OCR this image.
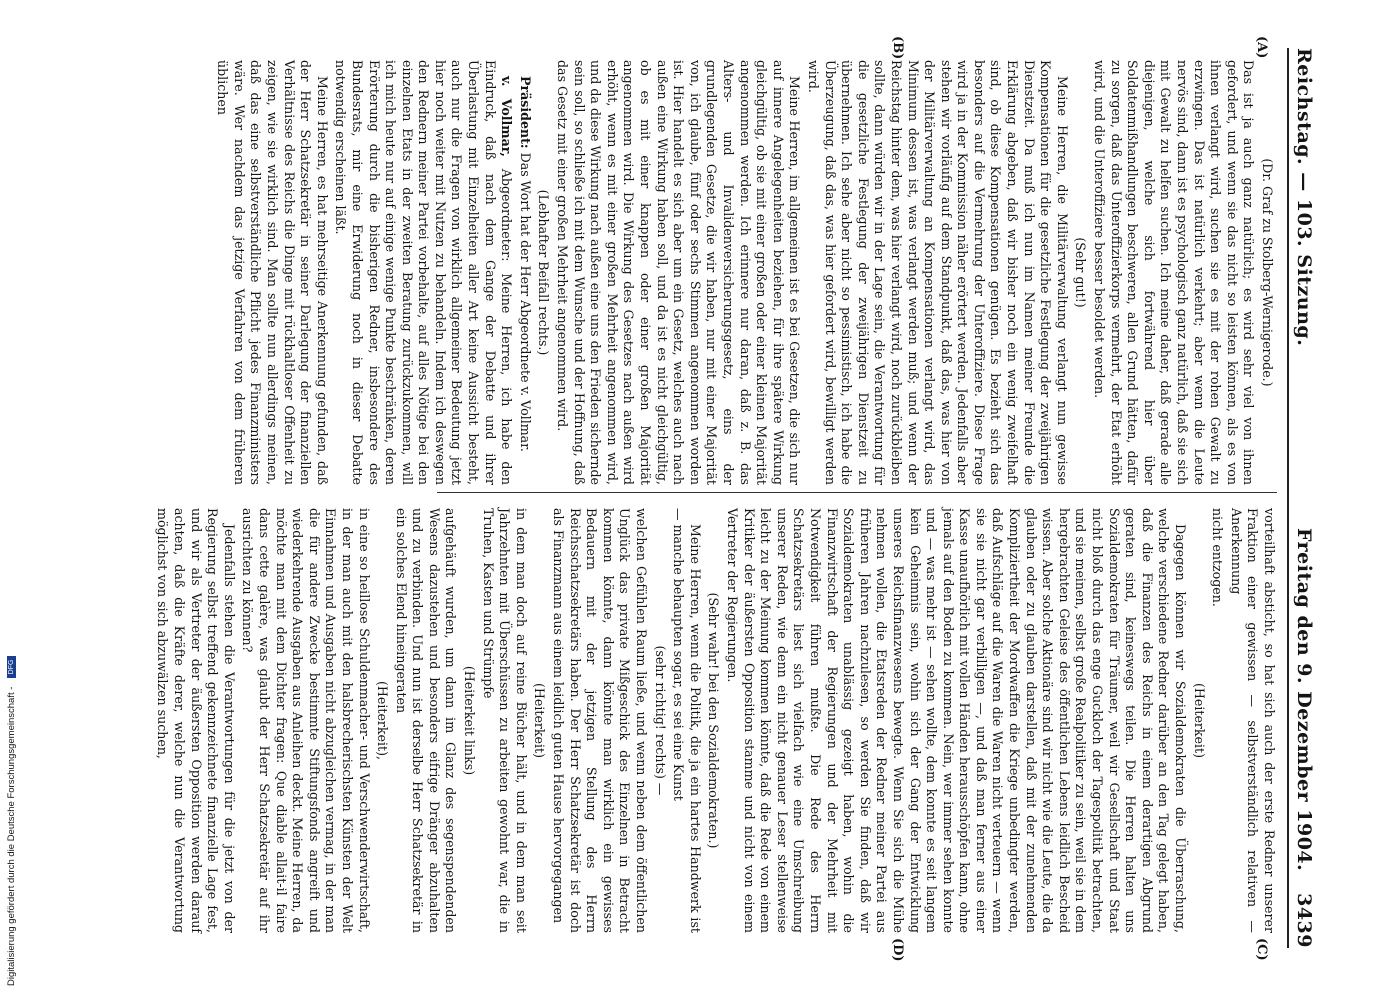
Reichstag. — 103. Sitzung.
Freitag den 9. Dezember 1904.
3439
(A)
(B)
(C)
(D)

(Dr. Graf zu Stolberg-Wernigerode.)

Das ist ja auch ganz natürlich; es wird sehr viel von ihnen gefordert, und wenn sie das nicht so leisten können, als es von ihnen verlangt wird, suchen sie es mit der rohen Gewalt zu erzwingen. Das ist natürlich verkehrt; aber wenn die Leute nervös sind, dann ist es psychologisch ganz natürlich, daß sie sich mit Gewalt zu helfen suchen. Ich meine daher, daß gerade alle diejenigen, welche sich fortwährend hier über Soldatenmißhandlungen beschweren, allen Grund hätten, dafür zu sorgen, daß das Unteroffizierkorps vermehrt, der Etat erhöht wird, und die Unteroffiziere besser besoldet werden.

(Sehr gut!)

Meine Herren, die Militärverwaltung verlangt nun gewisse Kompensationen für die gesetzliche Festlegung der zweijährigen Dienstzeit. Da muß ich nun im Namen meiner Freunde die Erklärung abgeben, daß wir bisher noch ein wenig zweifelhaft sind, ob diese Kompensationen genügen. Es bezieht sich das besonders auf die Vermehrung der Unteroffiziere. Diese Frage wird ja in der Kommission näher erörtert werden. Jedenfalls aber stehen wir vorläufig auf dem Standpunkt, daß das, was hier von der Militärverwaltung an Kompensationen verlangt wird, das Minimum dessen ist, was verlangt werden muß; und wenn der Reichstag hinter dem, was hier verlangt wird, noch zurückbleiben sollte, dann würden wir in der Lage sein, die Verantwortung für die gesetzliche Festlegung der zweijährigen Dienstzeit zu übernehmen. Ich sehe aber nicht so pessimistisch, ich habe die Überzeugung, daß das, was hier gefordert wird, bewilligt werden wird.

Meine Herren, im allgemeinen ist es bei Gesetzen, die sich nur auf innere Angelegenheiten beziehen, für ihre spätere Wirkung gleichgültig, ob sie mit einer großen oder einer kleinen Majorität angenommen werden. Ich erinnere nur daran, daß z. B. das Alters- und Invalidenversicherungsgesetz, eins der grundlegenden Gesetze, die wir haben, nur mit einer Majorität von, ich glaube, fünf oder sechs Stimmen angenommen worden ist. Hier handelt es sich aber um ein Gesetz, welches auch nach außen eine Wirkung haben soll, und da ist es nicht gleichgültig, ob es mit einer knappen oder einer großen Majorität angenommen wird. Die Wirkung des Gesetzes nach außen wird erhöht, wenn es mit einer großen Mehrheit angenommen wird, und da diese Wirkung nach außen eine uns den Frieden sichernde sein soll, so schließe ich mit dem Wunsche und der Hoffnung, daß das Gesetz mit einer großen Mehrheit angenommen wird.

(Lebhafter Beifall rechts.)

Präsident: Das Wort hat der Herr Abgeordnete v. Vollmar.

v. Vollmar, Abgeordneter: Meine Herren, ich habe den Eindruck, daß nach dem Gange der Debatte und ihrer Überlastung mit Einzelheiten aller Art keine Aussicht besteht, auch nur die Fragen von wirklich allgemeiner Bedeutung jetzt hier noch weiter mit Nutzen zu behandeln. Indem ich deswegen den Rednern meiner Partei vorbehalte, auf alles Nötige bei den einzelnen Etats in der zweiten Beratung zurückzukommen, will ich mich heute nur auf einige wenige Punkte beschränken, deren Erörterung durch die bisherigen Redner, insbesondere des Bundesrats, mir eine Erwiderung noch in dieser Debatte notwendig erscheinen läßt.

Meine Herren, es hat mehrseitige Anerkennung gefunden, daß der Herr Schatzsekretär in seiner Darlegung der finanziellen Verhältnisse des Reichs die Dinge mit rückhaltloser Offenheit zu zeigen, wie sie wirklich sind. Man sollte nun allerdings meinen, daß das eine selbstverständliche Pflicht jedes Finanzministers wäre. Wer nachdem das jetzige Verfahren von dem früheren üblichen

vorteilhaft absticht, so hat sich auch der erste Redner unserer Fraktion einer gewissen — selbstverständlich relativen — Anerkennung

nicht entzogen.

(Heiterkeit)

Dagegen können wir Sozialdemokraten die Überraschung, welche verschiedene Redner darüber an den Tag gelegt haben, daß die Finanzen des Reichs in einem derartigen Abgrund geraten sind, keineswegs teilen. Die Herren halten uns Sozialdemokraten für Träumer, weil wir Gesellschaft und Staat nicht bloß durch das enge Guckloch der Tagespolitik betrachten, und sie meinen, selbst große Realpolitiker zu sein, weil sie in dem hergebrachten Geleise des öffentlichen Lebens leidlich Bescheid wissen. Aber solche Aktionäre sind wir nicht wie die Leute, die da glauben oder zu glauben darstellen, daß mit der zunehmenden Kompliziertheit der Mordwaffen die Kriege unbedingter werden, daß Aufschläge auf die Waren die Waren nicht verteuern — wenn sie sie nicht gar verbilligen —, und daß man ferner aus einer Kasse unaufhörlich mit vollen Händen herausschöpfen kann, ohne jemals auf den Boden zu kommen. Nein, wer immer sehen konnte und — was mehr ist — sehen wollte, dem konnte es seit langem kein Geheimnis sein, wohin sich der Gang der Entwicklung unseres Reichsfinanzwesens bewegte. Wenn Sie sich die Mühe nehmen wollen, die Etatsreden der Redner meiner Partei aus früheren Jahren nachzulesen, so werden Sie finden, daß wir Sozialdemokraten unablässig gezeigt haben, wohin die Finanzwirtschaft der Regierungen und der Mehrheit mit Notwendigkeit führen mußte. Die Rede des Herrn Schatzsekretärs liest sich vielfach wie eine Umschreibung unserer Reden, wie denn ein nicht genauer Leser stellenweise leicht zu der Meinung kommen könnte, daß die Rede von einem Kritiker der äußersten Opposition stamme und nicht von einem Vertreter der Regierungen.

(Sehr wahr! bei den Sozialdemokraten.)

Meine Herren, wenn die Politik, die ja ein hartes Handwerk ist — manche behaupten sogar, es sei eine Kunst

(sehr richtig! rechts) —

welchen Gefühlen Raum ließe, und wenn neben dem öffentlichen Unglück das private Mißgeschick des Einzelnen in Betracht kommen könnte, dann könnte man wirklich ein gewisses Bedauern mit der jetzigen Stellung des Herrn Reichsschatzsekretärs haben. Der Herr Schatzsekretär ist doch als Finanzmann aus einem leidlich guten Hause hervorgegangen

(Heiterkeit)

in dem man doch auf reine Bücher hält, und in dem man seit Jahrzehnten mit Überschüssen zu arbeiten gewohnt war, die in Truhen, Kasten und Strümpfe

(Heiterkeit links)

aufgehäuft wurden, um dann im Glanz des segenspendenden Wesens dazustehen und besonders eifrige Dränger abzuhalten und zu verbinden. Und nun ist derselbe Herr Schatzsekretär in ein solches Elend hineingeraten

(Heiterkeit),

in eine so heillose Schuldenmacher- und Verschwenderwirtschaft, in der man auch mit den halsbrecherischsten Künsten der Welt Einnahmen und Ausgaben nicht abzugleichen vermag, in der man die für andere Zwecke bestimmte Stiftungsfonds angreift und wiederkehrende Ausgaben aus Anleihen deckt. Meine Herren, da möchte man mit dem Dichter fragen: Que diable allait-il faire dans cette galère, was glaubt der Herr Schatzsekretär auf ihr ausrichten zu können?

Jedenfalls stehen die Verantwortungen für die jetzt von der Regierung selbst treffend gekennzeichnete finanzielle Lage fest, und wir als Vertreter der äußersten Opposition werden darauf achten, daß die Kräfte derer, welche nun die Verantwortung möglichst von sich abzuwälzen suchen,

Digitalisierung gefördert durch die Deutsche Forschungsgemeinschaft - DFG
